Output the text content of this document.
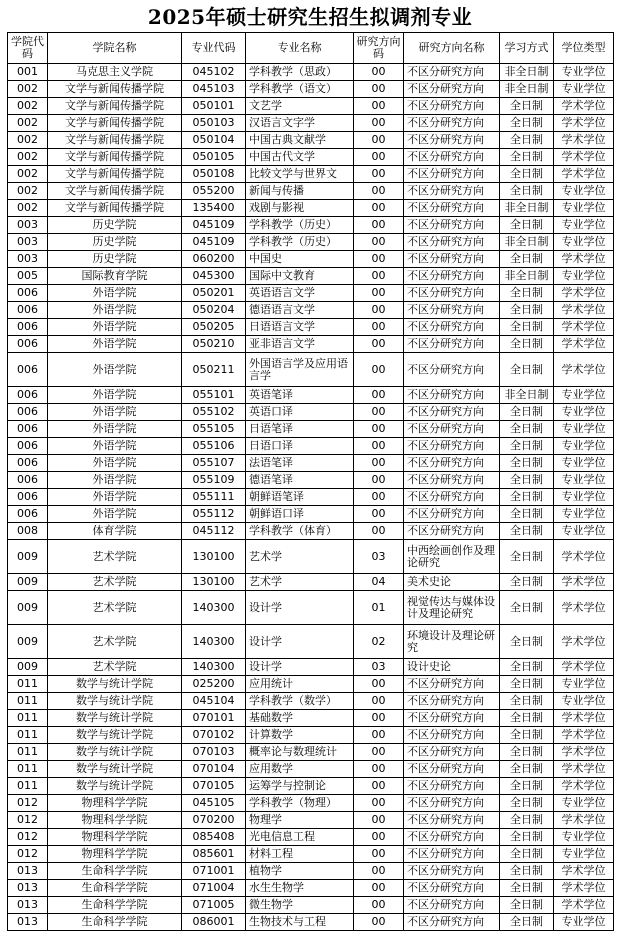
2025年硕士研究生招生拟调剂专业
学院代码	学院名称	专业代码	专业名称	研究方向码	研究方向名称	学习方式	学位类型
001	马克思主义学院	045102	学科教学（思政）	00	不区分研究方向	非全日制	专业学位
002	文学与新闻传播学院	045103	学科教学（语文）	00	不区分研究方向	非全日制	专业学位
002	文学与新闻传播学院	050101	文艺学	00	不区分研究方向	全日制	学术学位
002	文学与新闻传播学院	050103	汉语言文字学	00	不区分研究方向	全日制	学术学位
002	文学与新闻传播学院	050104	中国古典文献学	00	不区分研究方向	全日制	学术学位
002	文学与新闻传播学院	050105	中国古代文学	00	不区分研究方向	全日制	学术学位
002	文学与新闻传播学院	050108	比较文学与世界文	00	不区分研究方向	全日制	学术学位
002	文学与新闻传播学院	055200	新闻与传播	00	不区分研究方向	全日制	专业学位
002	文学与新闻传播学院	135400	戏剧与影视	00	不区分研究方向	非全日制	专业学位
003	历史学院	045109	学科教学（历史）	00	不区分研究方向	全日制	专业学位
003	历史学院	045109	学科教学（历史）	00	不区分研究方向	非全日制	专业学位
003	历史学院	060200	中国史	00	不区分研究方向	全日制	学术学位
005	国际教育学院	045300	国际中文教育	00	不区分研究方向	非全日制	专业学位
006	外语学院	050201	英语语言文学	00	不区分研究方向	全日制	学术学位
006	外语学院	050204	德语语言文学	00	不区分研究方向	全日制	学术学位
006	外语学院	050205	日语语言文学	00	不区分研究方向	全日制	学术学位
006	外语学院	050210	亚非语言文学	00	不区分研究方向	全日制	学术学位
006	外语学院	050211	外国语言学及应用语言学	00	不区分研究方向	全日制	学术学位
006	外语学院	055101	英语笔译	00	不区分研究方向	非全日制	专业学位
006	外语学院	055102	英语口译	00	不区分研究方向	全日制	专业学位
006	外语学院	055105	日语笔译	00	不区分研究方向	全日制	专业学位
006	外语学院	055106	日语口译	00	不区分研究方向	全日制	专业学位
006	外语学院	055107	法语笔译	00	不区分研究方向	全日制	专业学位
006	外语学院	055109	德语笔译	00	不区分研究方向	全日制	专业学位
006	外语学院	055111	朝鲜语笔译	00	不区分研究方向	全日制	专业学位
006	外语学院	055112	朝鲜语口译	00	不区分研究方向	全日制	专业学位
008	体育学院	045112	学科教学（体育）	00	不区分研究方向	全日制	专业学位
009	艺术学院	130100	艺术学	03	中西绘画创作及理论研究	全日制	学术学位
009	艺术学院	130100	艺术学	04	美术史论	全日制	学术学位
009	艺术学院	140300	设计学	01	视觉传达与媒体设计及理论研究	全日制	学术学位
009	艺术学院	140300	设计学	02	环境设计及理论研究	全日制	学术学位
009	艺术学院	140300	设计学	03	设计史论	全日制	学术学位
011	数学与统计学院	025200	应用统计	00	不区分研究方向	全日制	专业学位
011	数学与统计学院	045104	学科教学（数学）	00	不区分研究方向	全日制	专业学位
011	数学与统计学院	070101	基础数学	00	不区分研究方向	全日制	学术学位
011	数学与统计学院	070102	计算数学	00	不区分研究方向	全日制	学术学位
011	数学与统计学院	070103	概率论与数理统计	00	不区分研究方向	全日制	学术学位
011	数学与统计学院	070104	应用数学	00	不区分研究方向	全日制	学术学位
011	数学与统计学院	070105	运筹学与控制论	00	不区分研究方向	全日制	学术学位
012	物理科学学院	045105	学科教学（物理）	00	不区分研究方向	全日制	专业学位
012	物理科学学院	070200	物理学	00	不区分研究方向	全日制	学术学位
012	物理科学学院	085408	光电信息工程	00	不区分研究方向	全日制	专业学位
012	物理科学学院	085601	材料工程	00	不区分研究方向	全日制	专业学位
013	生命科学学院	071001	植物学	00	不区分研究方向	全日制	学术学位
013	生命科学学院	071004	水生生物学	00	不区分研究方向	全日制	学术学位
013	生命科学学院	071005	微生物学	00	不区分研究方向	全日制	学术学位
013	生命科学学院	086001	生物技术与工程	00	不区分研究方向	全日制	专业学位
